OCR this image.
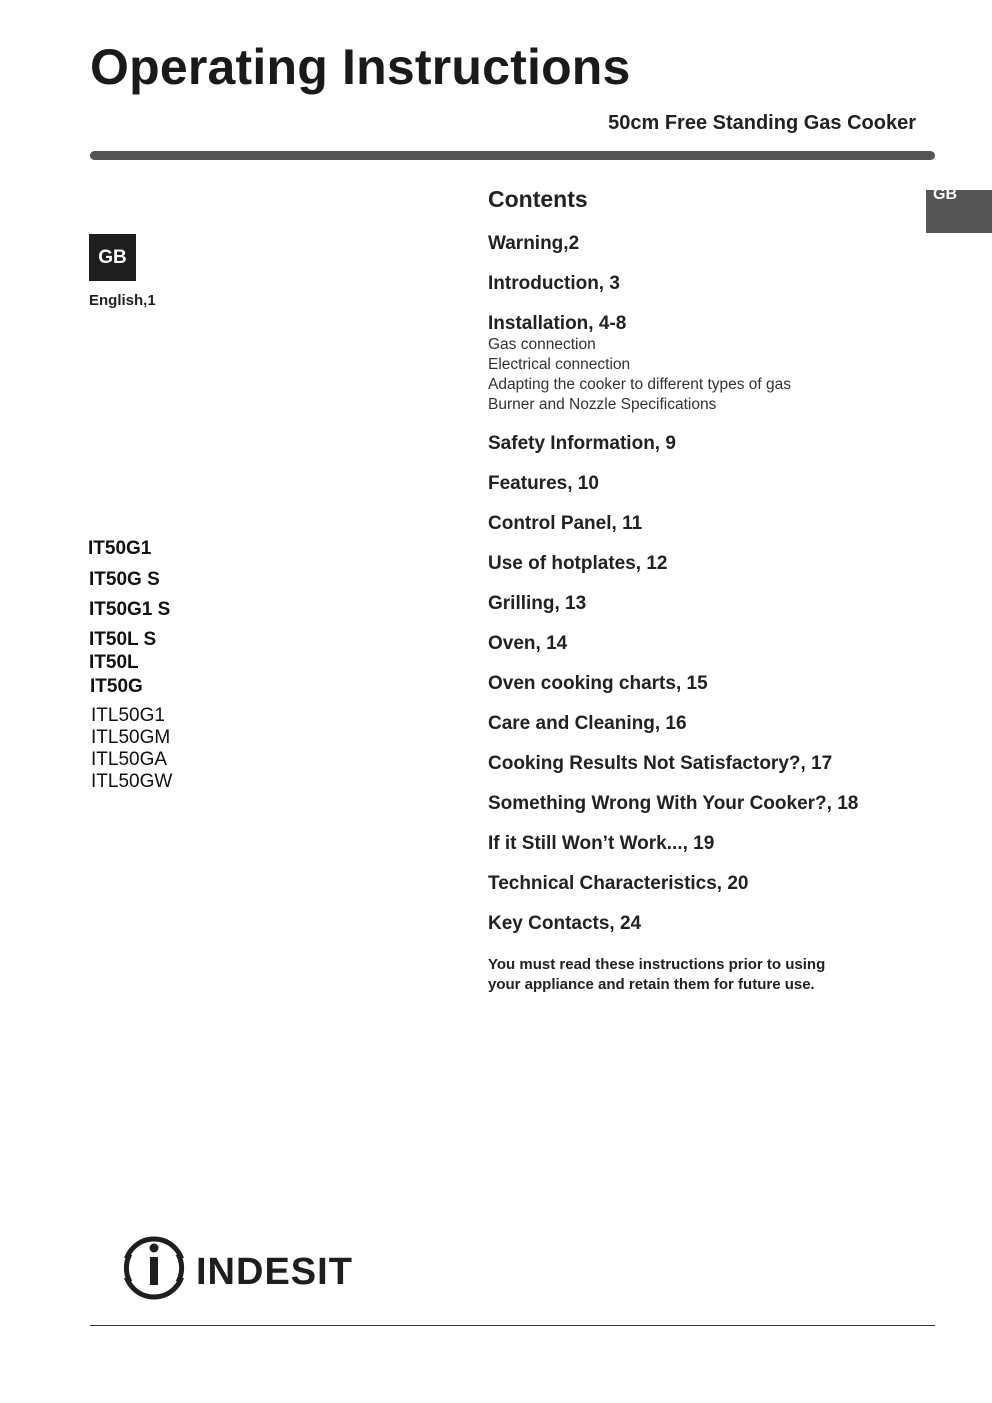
Operating Instructions
50cm Free Standing Gas Cooker
GB
GB
English,1
IT50G1
IT50G S
IT50G1 S
IT50L S
IT50L
IT50G
ITL50G1
ITL50GM
ITL50GA
ITL50GW
Contents
Warning,2
Introduction, 3
Installation, 4-8
Gas connection
Electrical connection
Adapting the cooker to different types of gas
Burner and Nozzle Specifications
Safety Information, 9
Features, 10
Control Panel, 11
Use of hotplates, 12
Grilling, 13
Oven, 14
Oven cooking charts, 15
Care and Cleaning, 16
Cooking Results Not Satisfactory?, 17
Something Wrong With Your Cooker?, 18
If it Still Won’t Work..., 19
Technical Characteristics, 20
Key Contacts, 24
You must read these instructions prior to using
your appliance and retain them for future use.
INDESIT
